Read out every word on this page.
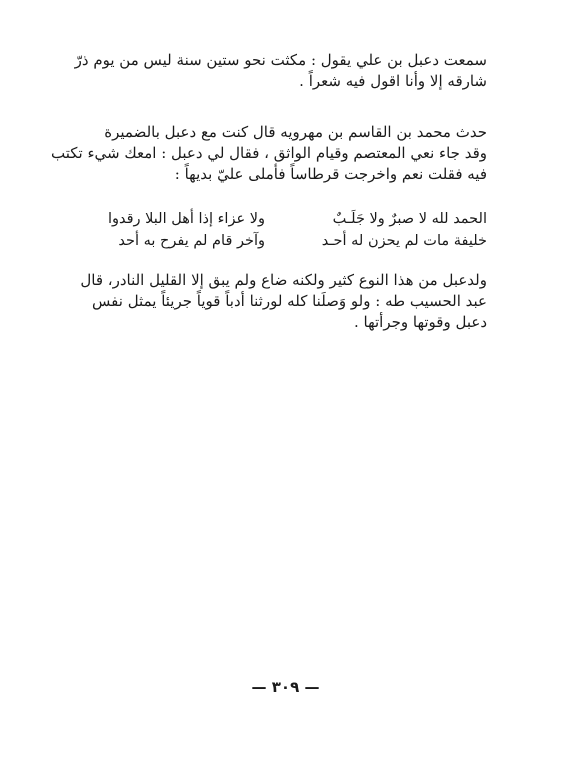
سمعت دعبل بن علي يقول : مكثت نحو ستين سنة ليس من يوم ذرّ

شارقه إلا وأنا اقول فيه شعراً .

حدث محمد بن القاسم بن مهرويه قال كنت مع دعبل بالضميرة

وقد جاء نعي المعتصم وقيام الواثق ، فقال لي دعبل : امعك شيء تكتب

فيه فقلت نعم واخرجت قرطاساً فأملى عليّ بديهاً :

الحمد لله لا صبرٌ ولا جَلَـبٌ
ولا عزاء إذا أهل البلا رقدوا
خليفة مات لم يحزن له أحـد
وآخر قام لم يفرح به أحد

ولدعبل من هذا النوع كثير ولكنه ضاع ولم يبق إلا القليل النادر، قال

عبد الحسيب طه : ولو وَصلَنا كله لورثنا أدباً قوياً جريئاً يمثل نفس

دعبل وقوتها وجرأتها .

— ٣٠٩ —
